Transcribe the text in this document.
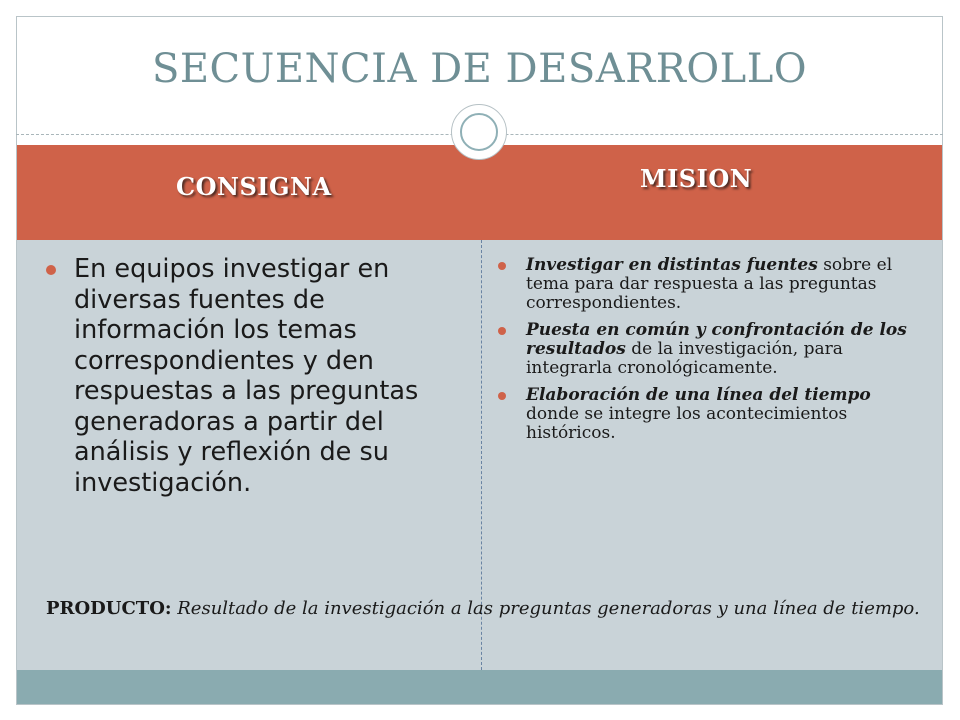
SECUENCIA DE DESARROLLO
CONSIGNA	MISION
En equipos investigar en diversas fuentes de información los temas correspondientes y den respuestas a las preguntas generadoras a partir del análisis y reflexión de su investigación.
Investigar en distintas fuentes sobre el tema para dar respuesta a las preguntas correspondientes.
Puesta en común y confrontación de los resultados de la investigación, para integrarla cronológicamente.
Elaboración de una línea del tiempo donde se integre los acontecimientos históricos.
PRODUCTO: Resultado de la investigación a las preguntas generadoras y una línea de tiempo.
